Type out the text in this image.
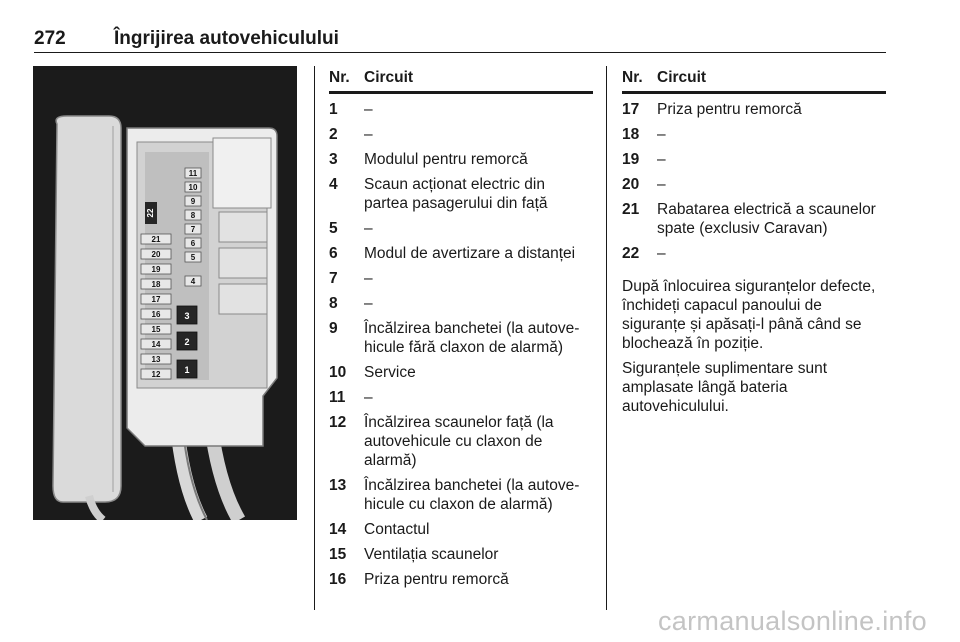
272	Îngrijirea autovehiculului
22
21
20
19
18
17
16
15
14
13
12
11
10
9
8
7
6
5
4
3
2
1
Nr. Circuit
1	–
2	–
3	Modulul pentru remorcă
4	Scaun acționat electric din partea pasagerului din față
5	–
6	Modul de avertizare a distanței
7	–
8	–
9	Încălzirea banchetei (la autove- hicule fără claxon de alarmă)
10	Service
11	–
12	Încălzirea scaunelor față (la autovehicule cu claxon de alarmă)
13	Încălzirea banchetei (la autove- hicule cu claxon de alarmă)
14	Contactul
15	Ventilația scaunelor
16	Priza pentru remorcă
Nr. Circuit
17	Priza pentru remorcă
18	–
19	–
20	–
21	Rabatarea electrică a scaunelor spate (exclusiv Caravan)
22	–

După înlocuirea siguranțelor defecte, închideți capacul panoului de siguranțe și apăsați-l până când se blochează în poziție.

Siguranțele suplimentare sunt amplasate lângă bateria autovehiculului.

carmanualsonline.info
